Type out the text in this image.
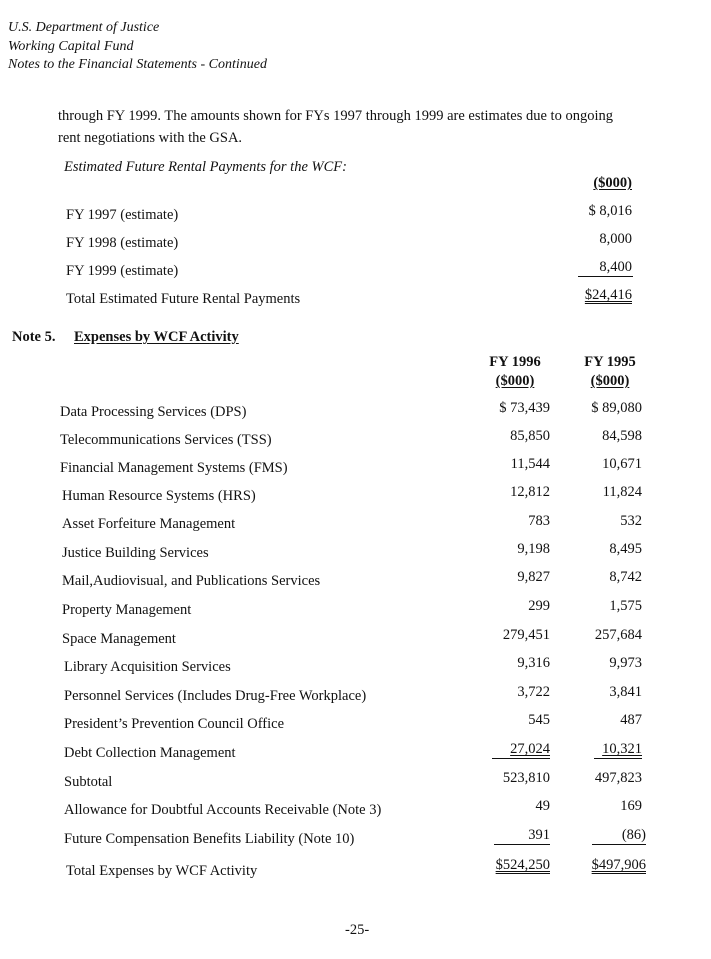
U.S. Department of Justice
Working Capital Fund
Notes to the Financial Statements - Continued
through FY 1999. The amounts shown for FYs 1997 through 1999 are estimates due to ongoing
rent negotiations with the GSA.
Estimated Future Rental Payments for the WCF:
($000)
FY 1997 (estimate)	$ 8,016
FY 1998 (estimate)	8,000
FY 1999 (estimate)	8,400
Total Estimated Future Rental Payments	$24,416
Note 5. Expenses by WCF Activity
FY 1996
($000)
FY 1995
($000)
Data Processing Services (DPS)	$ 73,439	$ 89,080
Telecommunications Services (TSS)	85,850	84,598
Financial Management Systems (FMS)	11,544	10,671
Human Resource Systems (HRS)	12,812	11,824
Asset Forfeiture Management	783	532
Justice Building Services	9,198	8,495
Mail,Audiovisual, and Publications Services	9,827	8,742
Property Management	299	1,575
Space Management	279,451	257,684
Library Acquisition Services	9,316	9,973
Personnel Services (Includes Drug-Free Workplace)	3,722	3,841
President’s Prevention Council Office	545	487
Debt Collection Management	27,024	10,321
Subtotal	523,810	497,823
Allowance for Doubtful Accounts Receivable (Note 3)	49	169
Future Compensation Benefits Liability (Note 10)	391	(86)
Total Expenses by WCF Activity	$524,250	$497,906
-25-
